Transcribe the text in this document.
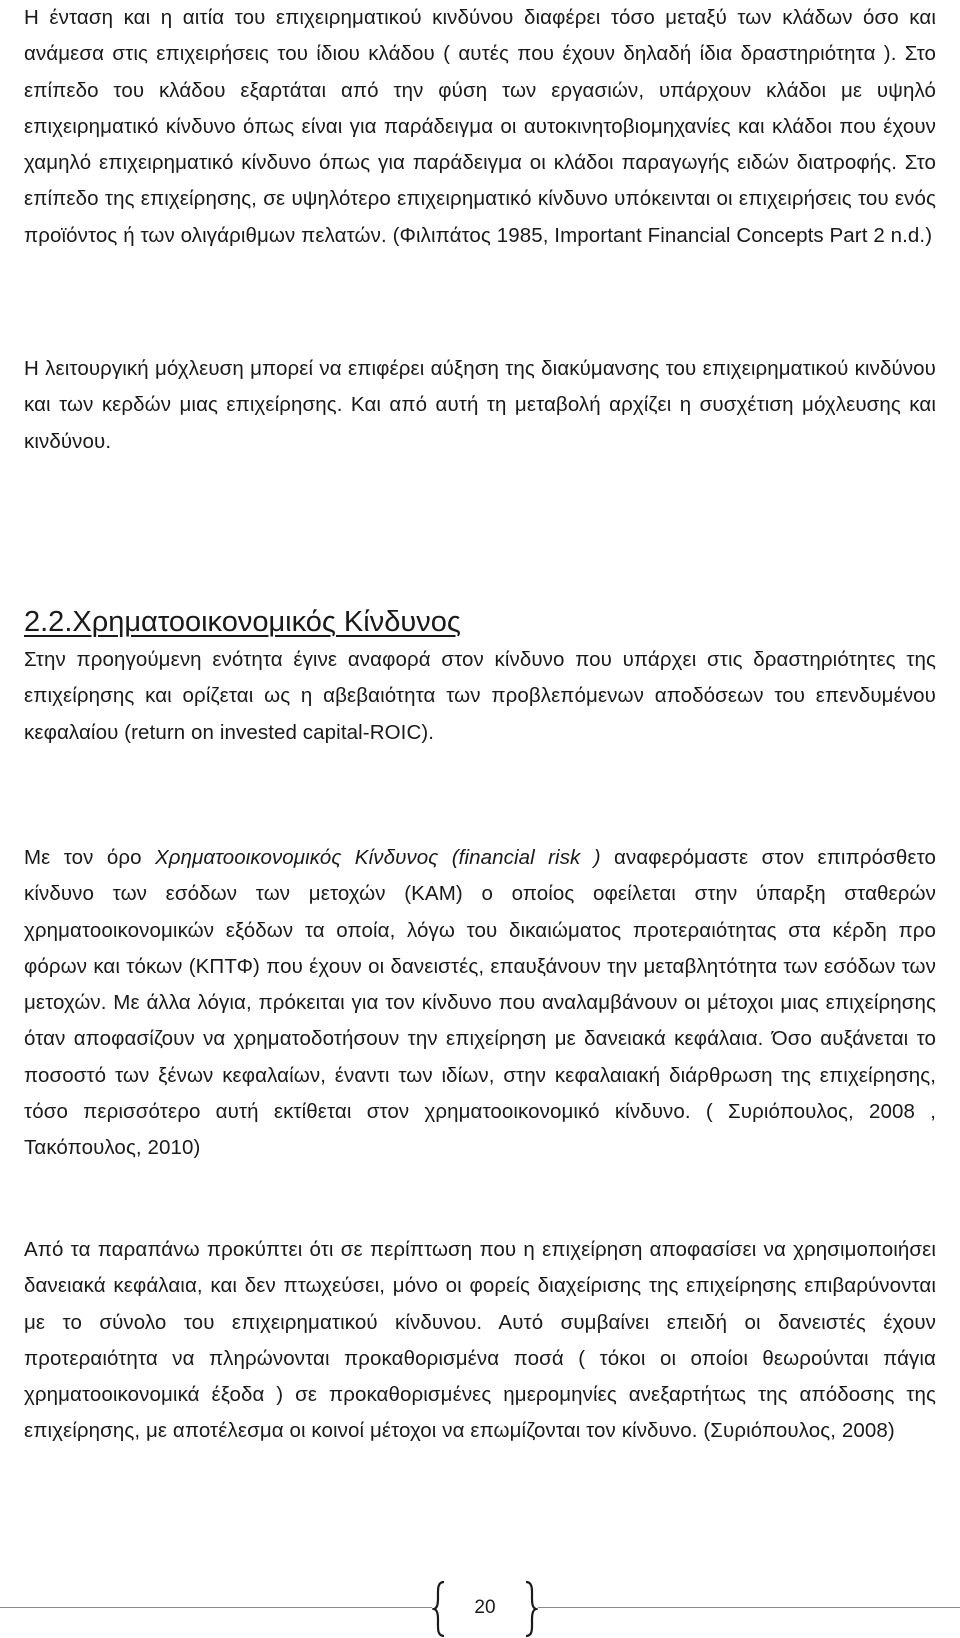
Η ένταση και η αιτία του επιχειρηματικού κινδύνου διαφέρει τόσο μεταξύ των κλάδων όσο και ανάμεσα στις επιχειρήσεις του ίδιου κλάδου ( αυτές που έχουν δηλαδή ίδια δραστηριότητα ). Στο επίπεδο του κλάδου εξαρτάται από την φύση των εργασιών, υπάρχουν κλάδοι με υψηλό επιχειρηματικό κίνδυνο όπως είναι για παράδειγμα οι αυτοκινητοβιομηχανίες και κλάδοι που έχουν χαμηλό επιχειρηματικό κίνδυνο όπως για παράδειγμα οι κλάδοι παραγωγής ειδών διατροφής. Στο επίπεδο της επιχείρησης, σε υψηλότερο επιχειρηματικό κίνδυνο υπόκεινται οι επιχειρήσεις του ενός προϊόντος ή των ολιγάριθμων πελατών. (Φιλιπάτος 1985, Important Financial Concepts Part 2 n.d.)

Η λειτουργική μόχλευση μπορεί να επιφέρει αύξηση της διακύμανσης του επιχειρηματικού κινδύνου και των κερδών μιας επιχείρησης. Και από αυτή τη μεταβολή αρχίζει η συσχέτιση μόχλευσης και κινδύνου.

2.2.Χρηματοοικονομικός Κίνδυνος

Στην προηγούμενη ενότητα έγινε αναφορά στον κίνδυνο που υπάρχει στις δραστηριότητες της επιχείρησης και ορίζεται ως η αβεβαιότητα των προβλεπόμενων αποδόσεων του επενδυμένου κεφαλαίου (return on invested capital-ROIC).

Με τον όρο Χρηματοοικονομικός Κίνδυνος (financial risk ) αναφερόμαστε στον επιπρόσθετο κίνδυνο των εσόδων των μετοχών (ΚΑΜ) ο οποίος οφείλεται στην ύπαρξη σταθερών χρηματοοικονομικών εξόδων τα οποία, λόγω του δικαιώματος προτεραιότητας στα κέρδη προ φόρων και τόκων (ΚΠΤΦ) που έχουν οι δανειστές, επαυξάνουν την μεταβλητότητα των εσόδων των μετοχών. Με άλλα λόγια, πρόκειται για τον κίνδυνο που αναλαμβάνουν οι μέτοχοι μιας επιχείρησης όταν αποφασίζουν να χρηματοδοτήσουν την επιχείρηση με δανειακά κεφάλαια. Όσο αυξάνεται το ποσοστό των ξένων κεφαλαίων, έναντι των ιδίων, στην κεφαλαιακή διάρθρωση της επιχείρησης, τόσο περισσότερο αυτή εκτίθεται στον χρηματοοικονομικό κίνδυνο. ( Συριόπουλος, 2008 , Τακόπουλος, 2010)

Από τα παραπάνω προκύπτει ότι σε περίπτωση που η επιχείρηση αποφασίσει να χρησιμοποιήσει δανειακά κεφάλαια, και δεν πτωχεύσει, μόνο οι φορείς διαχείρισης της επιχείρησης επιβαρύνονται με το σύνολο του επιχειρηματικού κίνδυνου. Αυτό συμβαίνει επειδή οι δανειστές έχουν προτεραιότητα να πληρώνονται προκαθορισμένα ποσά ( τόκοι οι οποίοι θεωρούνται πάγια χρηματοοικονομικά έξοδα ) σε προκαθορισμένες ημερομηνίες ανεξαρτήτως της απόδοσης της επιχείρησης, με αποτέλεσμα οι κοινοί μέτοχοι να επωμίζονται τον κίνδυνο. (Συριόπουλος, 2008)

20
